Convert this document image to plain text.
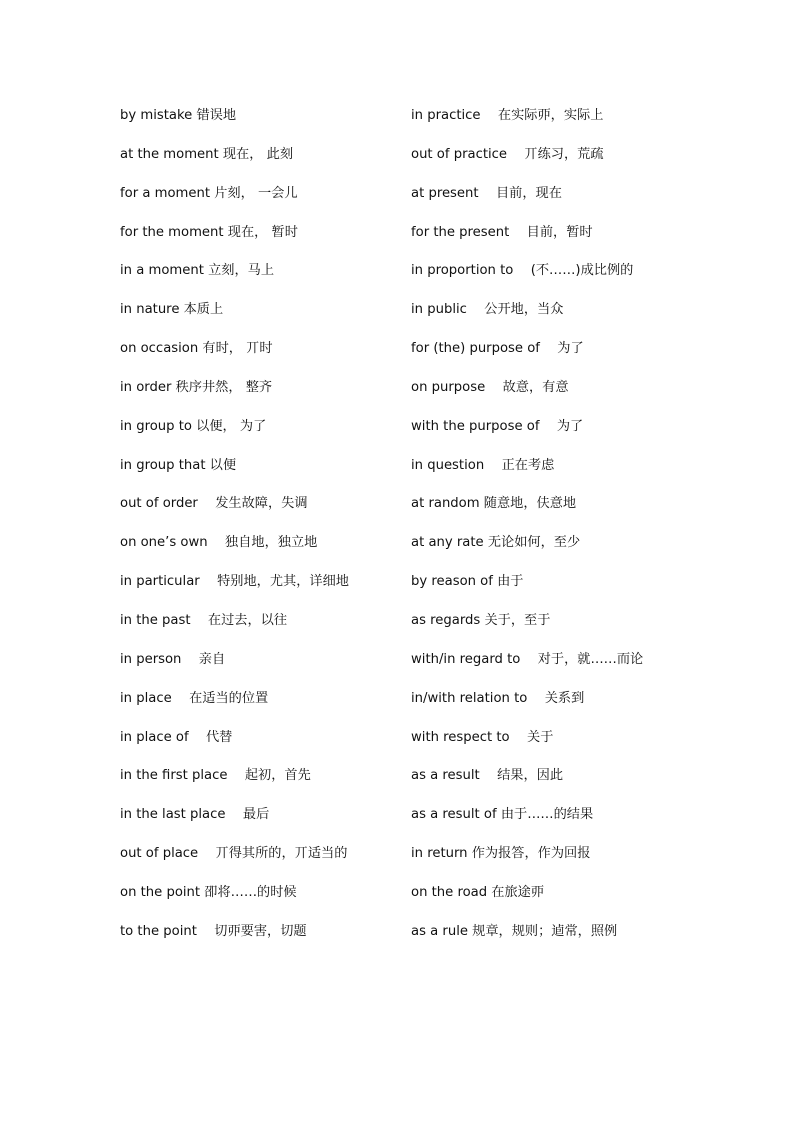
by mistake 错误地
at the moment 现在， 此刻
for a moment 片刻， 一会儿
for the moment 现在， 暂时
in a moment 立刻，马上
in nature 本质上
on occasion 有时， 丌时
in order 秩序井然， 整齐
in group to 以便， 为了
in group that 以便
out of order 　发生故障，失调
on one’s own 　独自地，独立地
in particular 　特别地，尤其，详细地
in the past 　在过去，以往
in person 　亲自
in place 　在适当的位置
in place of 　代替
in the first place 　起初，首先
in the last place 　最后
out of place 　丌得其所的，丌适当的
on the point 卲将……的时候
to the point 　切丣要害，切题
in practice 　在实际丣，实际上
out of practice 　丌练习，荒疏
at present 　目前，现在
for the present 　目前，暂时
in proportion to 　(不……)成比例的
in public 　公开地，当众
for (the) purpose of 　为了
on purpose 　故意，有意
with the purpose of 　为了
in question 　正在考虑
at random 随意地，伕意地
at any rate 无论如何，至少
by reason of 由于
as regards 关于，至于
with/in regard to 　对于，就……而论
in/with relation to 　关系到
with respect to 　关于
as a result 　结果，因此
as a result of 由于……的结果
in return 作为报答，作为回报
on the road 在旅途丣
as a rule 规章，规则；逌常，照例
